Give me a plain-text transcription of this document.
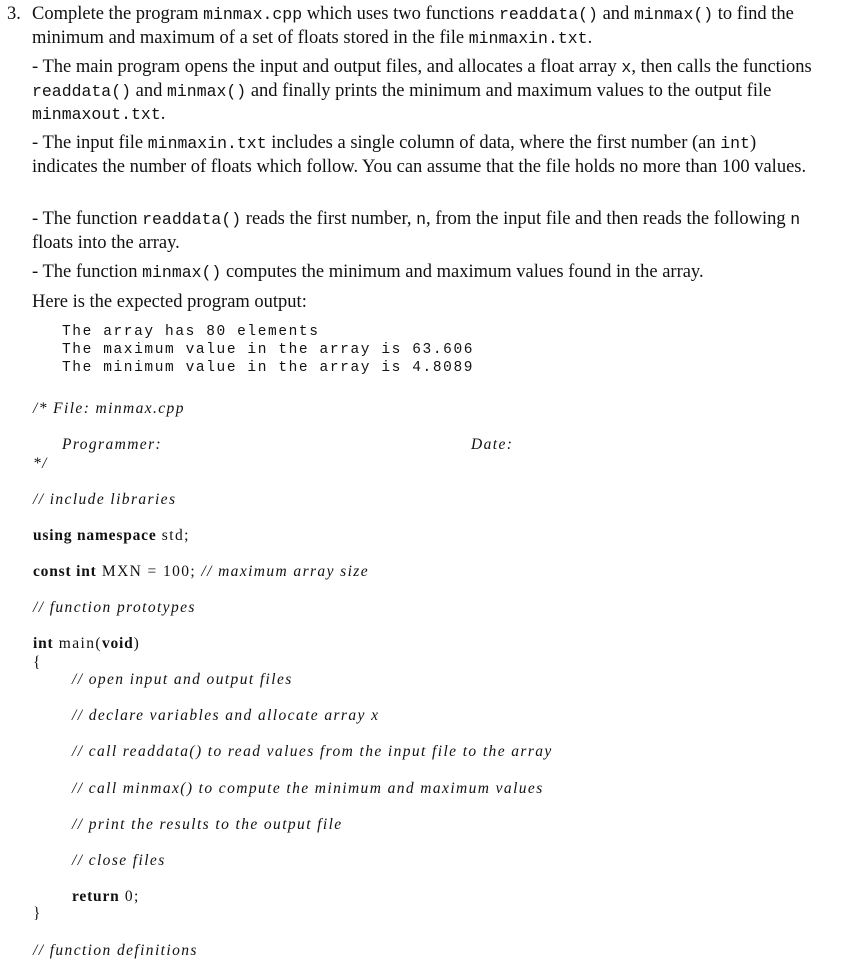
3. Complete the program minmax.cpp which uses two functions readdata() and minmax() to find the minimum and maximum of a set of floats stored in the file minmaxin.txt.
- The main program opens the input and output files, and allocates a float array x, then calls the functions readdata() and minmax() and finally prints the minimum and maximum values to the output file minmaxout.txt.
- The input file minmaxin.txt includes a single column of data, where the first number (an int) indicates the number of floats which follow. You can assume that the file holds no more than 100 values.
- The function readdata() reads the first number, n, from the input file and then reads the following n floats into the array.
- The function minmax() computes the minimum and maximum values found in the array.
Here is the expected program output:
The array has 80 elements
The maximum value in the array is 63.606
The minimum value in the array is 4.8089
/* File: minmax.cpp
Programmer:	Date:
*/
// include libraries
using namespace std;
const int MXN = 100; // maximum array size
// function prototypes
int main(void)
{
// open input and output files
// declare variables and allocate array x
// call readdata() to read values from the input file to the array
// call minmax() to compute the minimum and maximum values
// print the results to the output file
// close files
return 0;
}
// function definitions
